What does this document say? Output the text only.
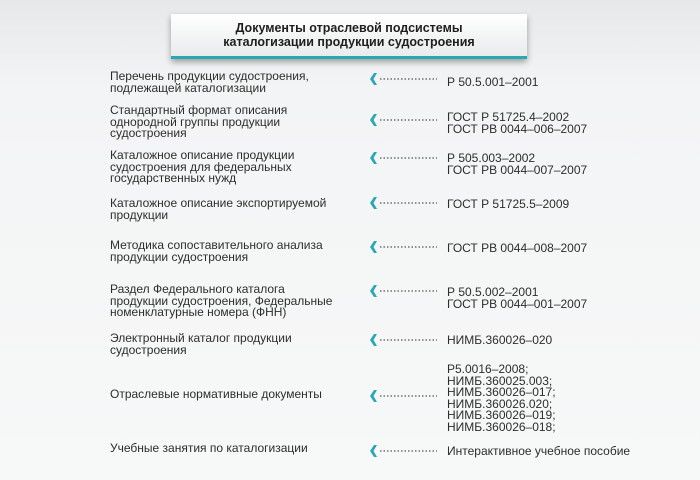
Документы отраслевой подсистемы
каталогизации продукции судостроения
Перечень продукции судостроения,
подлежащей каталогизации	Р 50.5.001–2001
Стандартный формат описания
однородной группы продукции
судостроения
ГОСТ Р 51725.4–2002
ГОСТ РВ 0044–006–2007
Каталожное описание продукции
судостроения для федеральных
государственных нужд
Р 505.003–2002
ГОСТ РВ 0044–007–2007
Каталожное описание экспортируемой
продукции
ГОСТ Р 51725.5–2009
Методика сопоставительного анализа
продукции судостроения
ГОСТ РВ 0044–008–2007
Раздел Федерального каталога
продукции судостроения, Федеральные
номенклатурные номера (ФНН)
Р 50.5.002–2001
ГОСТ РВ 0044–001–2007
Электронный каталог продукции
судостроения
НИМБ.360026–020
Отраслевые нормативные документы
Р5.0016–2008;
НИМБ.360025.003;
НИМБ.360026–017;
НИМБ.360026.020;
НИМБ.360026–019;
НИМБ.360026–018;
Учебные занятия по каталогизации	Интерактивное учебное пособие
